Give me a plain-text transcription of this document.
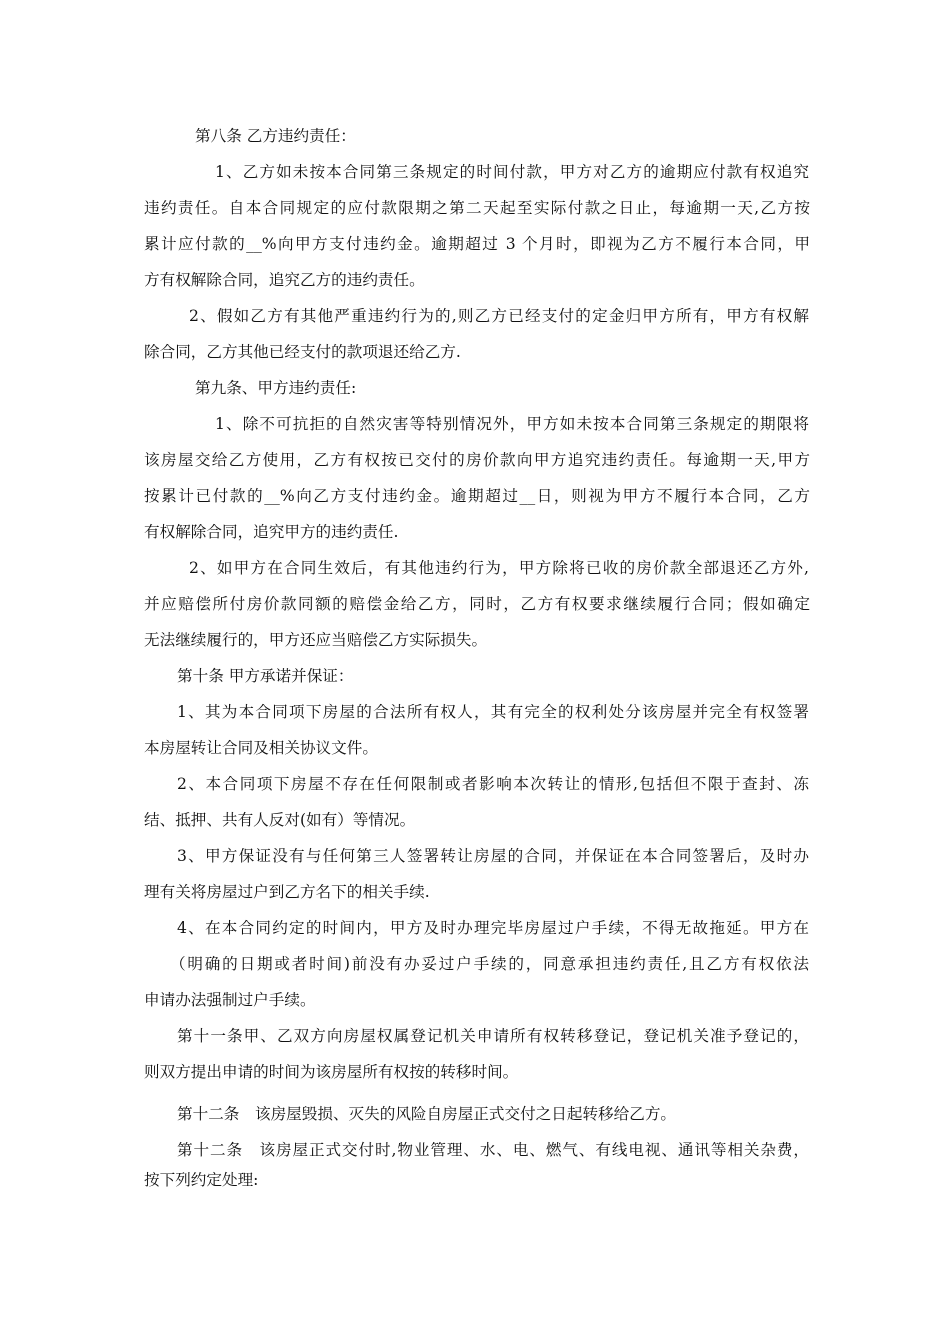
第八条 乙方违约责任：
1、乙方如未按本合同第三条规定的时间付款，甲方对乙方的逾期应付款有权追究
违约责任。自本合同规定的应付款限期之第二天起至实际付款之日止，每逾期一天,乙方按
累计应付款的__%向甲方支付违约金。逾期超过 3 个月时，即视为乙方不履行本合同，甲
方有权解除合同，追究乙方的违约责任。
2、假如乙方有其他严重违约行为的,则乙方已经支付的定金归甲方所有，甲方有权解
除合同，乙方其他已经支付的款项退还给乙方.
第九条、甲方违约责任:
1、除不可抗拒的自然灾害等特别情况外，甲方如未按本合同第三条规定的期限将
该房屋交给乙方使用，乙方有权按已交付的房价款向甲方追究违约责任。每逾期一天,甲方
按累计已付款的__%向乙方支付违约金。逾期超过__日，则视为甲方不履行本合同，乙方
有权解除合同，追究甲方的违约责任.
2、如甲方在合同生效后，有其他违约行为，甲方除将已收的房价款全部退还乙方外,
并应赔偿所付房价款同额的赔偿金给乙方，同时，乙方有权要求继续履行合同；假如确定
无法继续履行的，甲方还应当赔偿乙方实际损失。
第十条 甲方承诺并保证：
1、其为本合同项下房屋的合法所有权人，其有完全的权利处分该房屋并完全有权签署
本房屋转让合同及相关协议文件。
2、本合同项下房屋不存在任何限制或者影响本次转让的情形,包括但不限于查封、冻
结、抵押、共有人反对(如有）等情况。
3、甲方保证没有与任何第三人签署转让房屋的合同，并保证在本合同签署后，及时办
理有关将房屋过户到乙方名下的相关手续.
4、在本合同约定的时间内，甲方及时办理完毕房屋过户手续，不得无故拖延。甲方在
（明确的日期或者时间)前没有办妥过户手续的，同意承担违约责任,且乙方有权依法
申请办法强制过户手续。
第十一条甲、乙双方向房屋权属登记机关申请所有权转移登记，登记机关准予登记的，
则双方提出申请的时间为该房屋所有权按的转移时间。
第十二条　该房屋毁损、灭失的风险自房屋正式交付之日起转移给乙方。
第十二条　该房屋正式交付时,物业管理、水、电、燃气、有线电视、通讯等相关杂费，
按下列约定处理:
